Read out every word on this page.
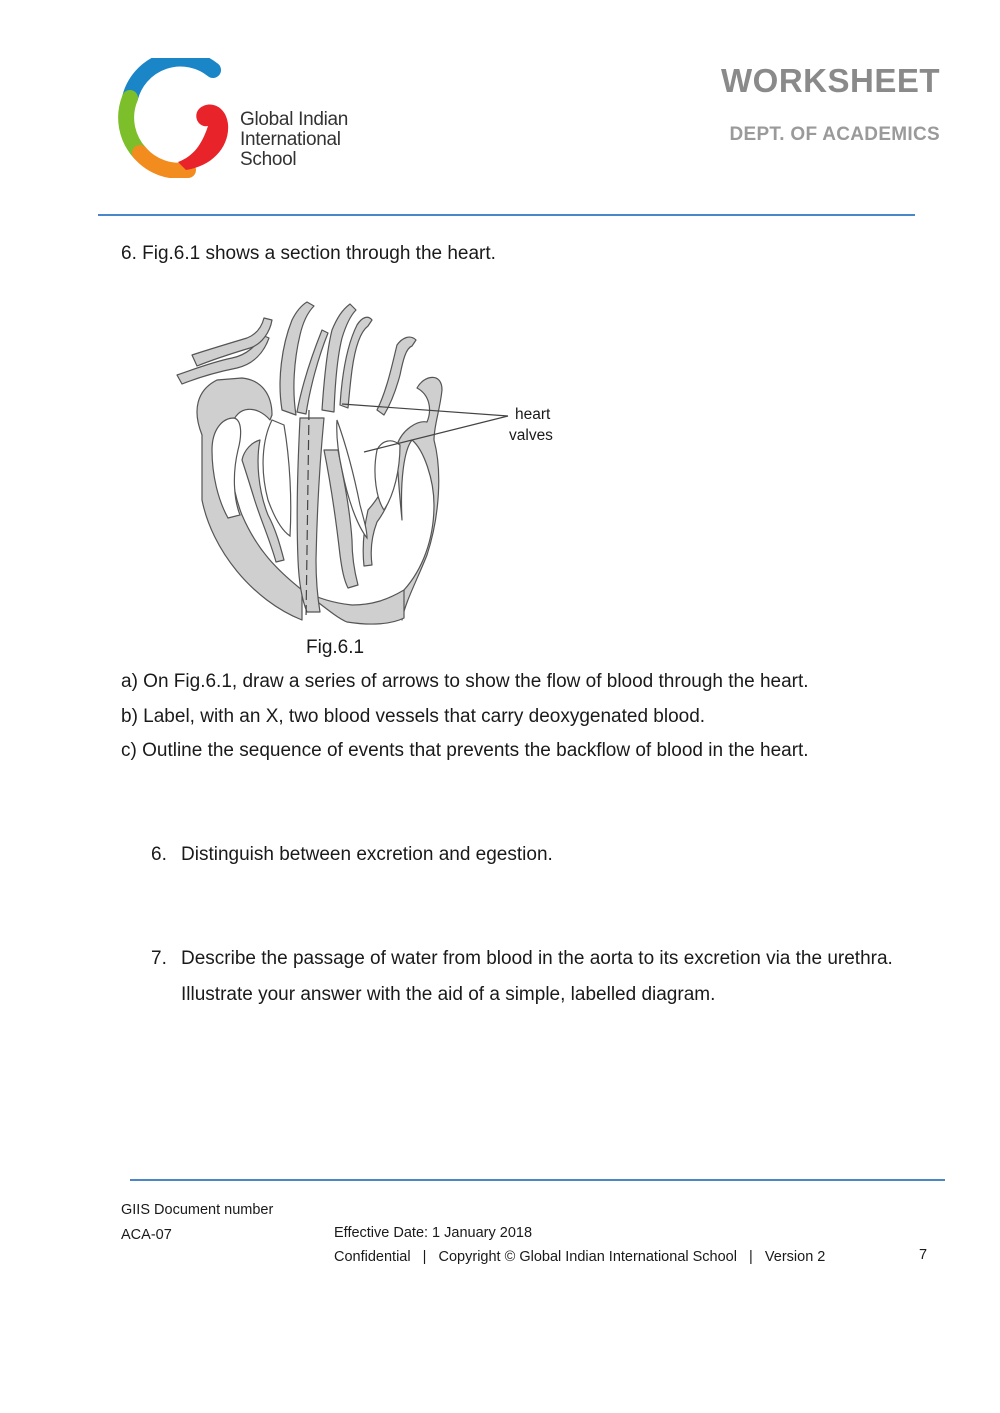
Global Indian
International
School
WORKSHEET
DEPT. OF ACADEMICS
6. Fig.6.1 shows a section through the heart.
heart
valves
Fig.6.1
a) On Fig.6.1, draw a series of arrows to show the flow of blood through the heart.
b) Label, with an X, two blood vessels that carry deoxygenated blood.
c) Outline the sequence of events that prevents the backflow of blood in the heart.
6. Distinguish between excretion and egestion.
7. Describe the passage of water from blood in the aorta to its excretion via the urethra.
Illustrate your answer with the aid of a simple, labelled diagram.
GIIS Document number
ACA-07	Effective Date: 1 January 2018
Confidential   |   Copyright © Global Indian International School   |   Version 2	7
